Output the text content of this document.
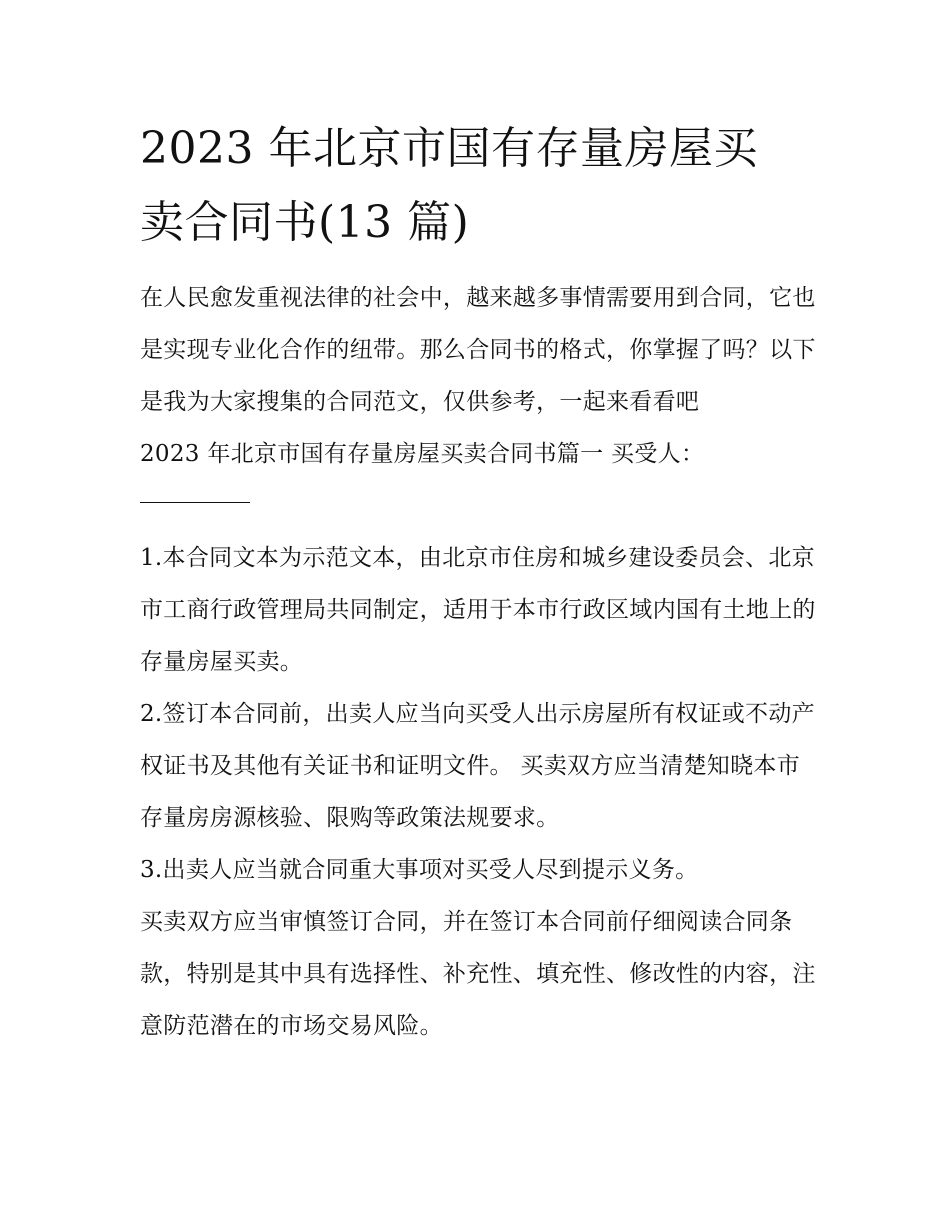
2023 年北京市国有存量房屋买
卖合同书(13 篇)

在人民愈发重视法律的社会中，越来越多事情需要用到合同，它也是实现专业化合作的纽带。那么合同书的格式，你掌握了吗？以下是我为大家搜集的合同范文，仅供参考，一起来看看吧

2023 年北京市国有存量房屋买卖合同书篇一 买受人：

1.本合同文本为示范文本，由北京市住房和城乡建设委员会、北京市工商行政管理局共同制定，适用于本市行政区域内国有土地上的存量房屋买卖。

2.签订本合同前，出卖人应当向买受人出示房屋所有权证或不动产权证书及其他有关证书和证明文件。 买卖双方应当清楚知晓本市存量房房源核验、限购等政策法规要求。

3.出卖人应当就合同重大事项对买受人尽到提示义务。

买卖双方应当审慎签订合同，并在签订本合同前仔细阅读合同条款，特别是其中具有选择性、补充性、填充性、修改性的内容，注意防范潜在的市场交易风险。
